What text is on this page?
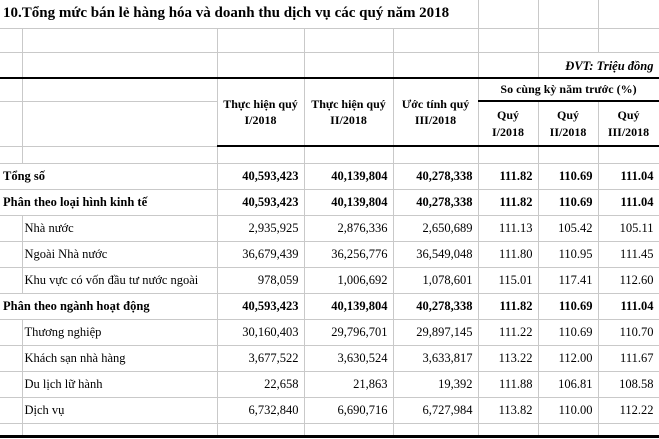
10.Tổng mức bán lẻ hàng hóa và doanh thu dịch vụ các quý năm 2018							

						ĐVT: Triệu đồng	
		Thực hiện quý I/2018	Thực hiện quý II/2018	Ước tính quý III/2018	So cùng kỳ năm trước (%)		
					Quý I/2018	Quý II/2018	Quý III/2018

Tổng số		40,593,423	40,139,804	40,278,338	111.82	110.69	111.04
Phân theo loại hình kinh tế		40,593,423	40,139,804	40,278,338	111.82	110.69	111.04
	Nhà nước	2,935,925	2,876,336	2,650,689	111.13	105.42	105.11
	Ngoài Nhà nước	36,679,439	36,256,776	36,549,048	111.80	110.95	111.45
	Khu vực có vốn đầu tư nước ngoài	978,059	1,006,692	1,078,601	115.01	117.41	112.60
Phân theo ngành hoạt động		40,593,423	40,139,804	40,278,338	111.82	110.69	111.04
	Thương nghiệp	30,160,403	29,796,701	29,897,145	111.22	110.69	110.70
	Khách sạn nhà hàng	3,677,522	3,630,524	3,633,817	113.22	112.00	111.67
	Du lịch lữ hành	22,658	21,863	19,392	111.88	106.81	108.58
	Dịch vụ	6,732,840	6,690,716	6,727,984	113.82	110.00	112.22
